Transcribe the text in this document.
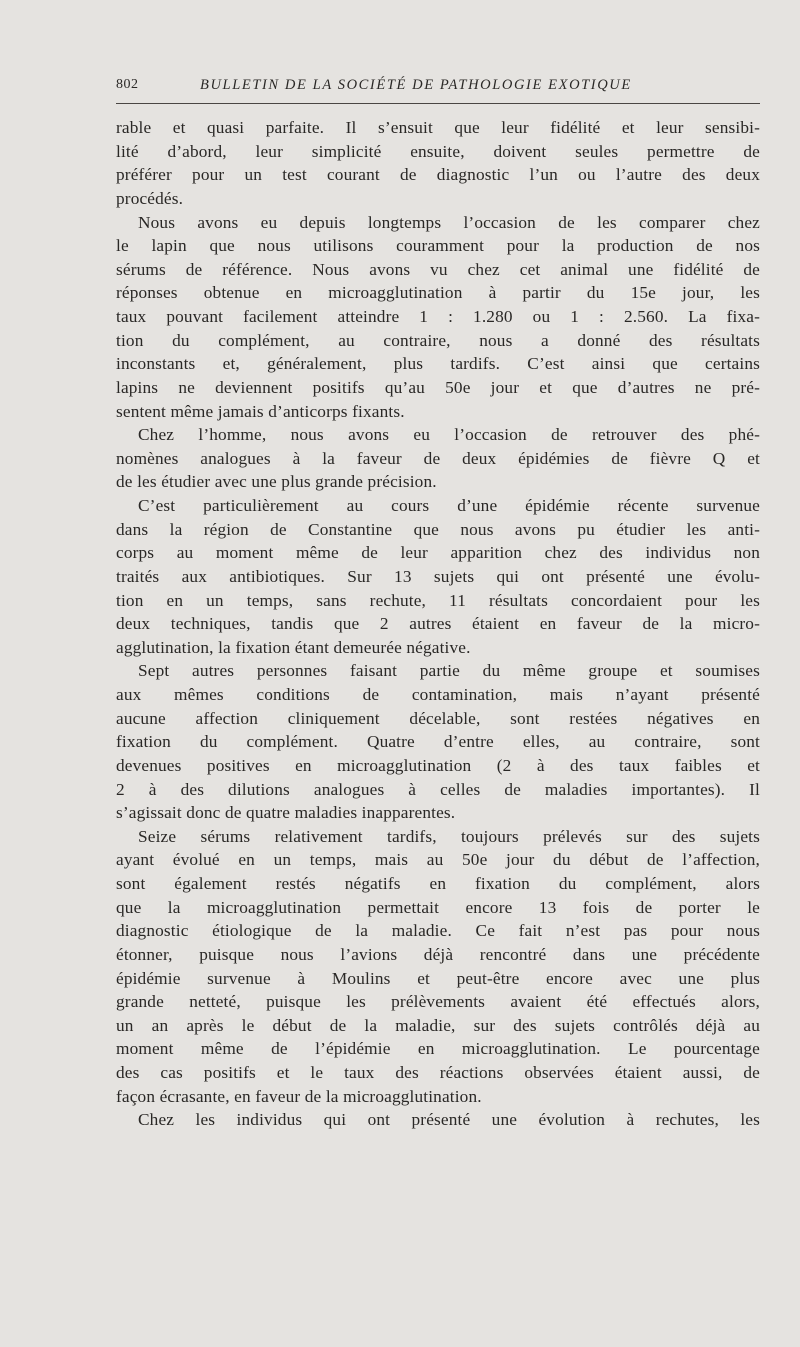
802	BULLETIN DE LA SOCIÉTÉ DE PATHOLOGIE EXOTIQUE
rable et quasi parfaite. Il s’ensuit que leur fidélité et leur sensibi-
lité d’abord, leur simplicité ensuite, doivent seules permettre de
préférer pour un test courant de diagnostic l’un ou l’autre des deux
procédés.
Nous avons eu depuis longtemps l’occasion de les comparer chez
le lapin que nous utilisons couramment pour la production de nos
sérums de référence. Nous avons vu chez cet animal une fidélité de
réponses obtenue en microagglutination à partir du 15e jour, les
taux pouvant facilement atteindre 1 : 1.280 ou 1 : 2.560. La fixa-
tion du complément, au contraire, nous a donné des résultats
inconstants et, généralement, plus tardifs. C’est ainsi que certains
lapins ne deviennent positifs qu’au 50e jour et que d’autres ne pré-
sentent même jamais d’anticorps fixants.
Chez l’homme, nous avons eu l’occasion de retrouver des phé-
nomènes analogues à la faveur de deux épidémies de fièvre Q et
de les étudier avec une plus grande précision.
C’est particulièrement au cours d’une épidémie récente survenue
dans la région de Constantine que nous avons pu étudier les anti-
corps au moment même de leur apparition chez des individus non
traités aux antibiotiques. Sur 13 sujets qui ont présenté une évolu-
tion en un temps, sans rechute, 11 résultats concordaient pour les
deux techniques, tandis que 2 autres étaient en faveur de la micro-
agglutination, la fixation étant demeurée négative.
Sept autres personnes faisant partie du même groupe et soumises
aux mêmes conditions de contamination, mais n’ayant présenté
aucune affection cliniquement décelable, sont restées négatives en
fixation du complément. Quatre d’entre elles, au contraire, sont
devenues positives en microagglutination (2 à des taux faibles et
2 à des dilutions analogues à celles de maladies importantes). Il
s’agissait donc de quatre maladies inapparentes.
Seize sérums relativement tardifs, toujours prélevés sur des sujets
ayant évolué en un temps, mais au 50e jour du début de l’affection,
sont également restés négatifs en fixation du complément, alors
que la microagglutination permettait encore 13 fois de porter le
diagnostic étiologique de la maladie. Ce fait n’est pas pour nous
étonner, puisque nous l’avions déjà rencontré dans une précédente
épidémie survenue à Moulins et peut-être encore avec une plus
grande netteté, puisque les prélèvements avaient été effectués alors,
un an après le début de la maladie, sur des sujets contrôlés déjà au
moment même de l’épidémie en microagglutination. Le pourcentage
des cas positifs et le taux des réactions observées étaient aussi, de
façon écrasante, en faveur de la microagglutination.
Chez les individus qui ont présenté une évolution à rechutes, les
